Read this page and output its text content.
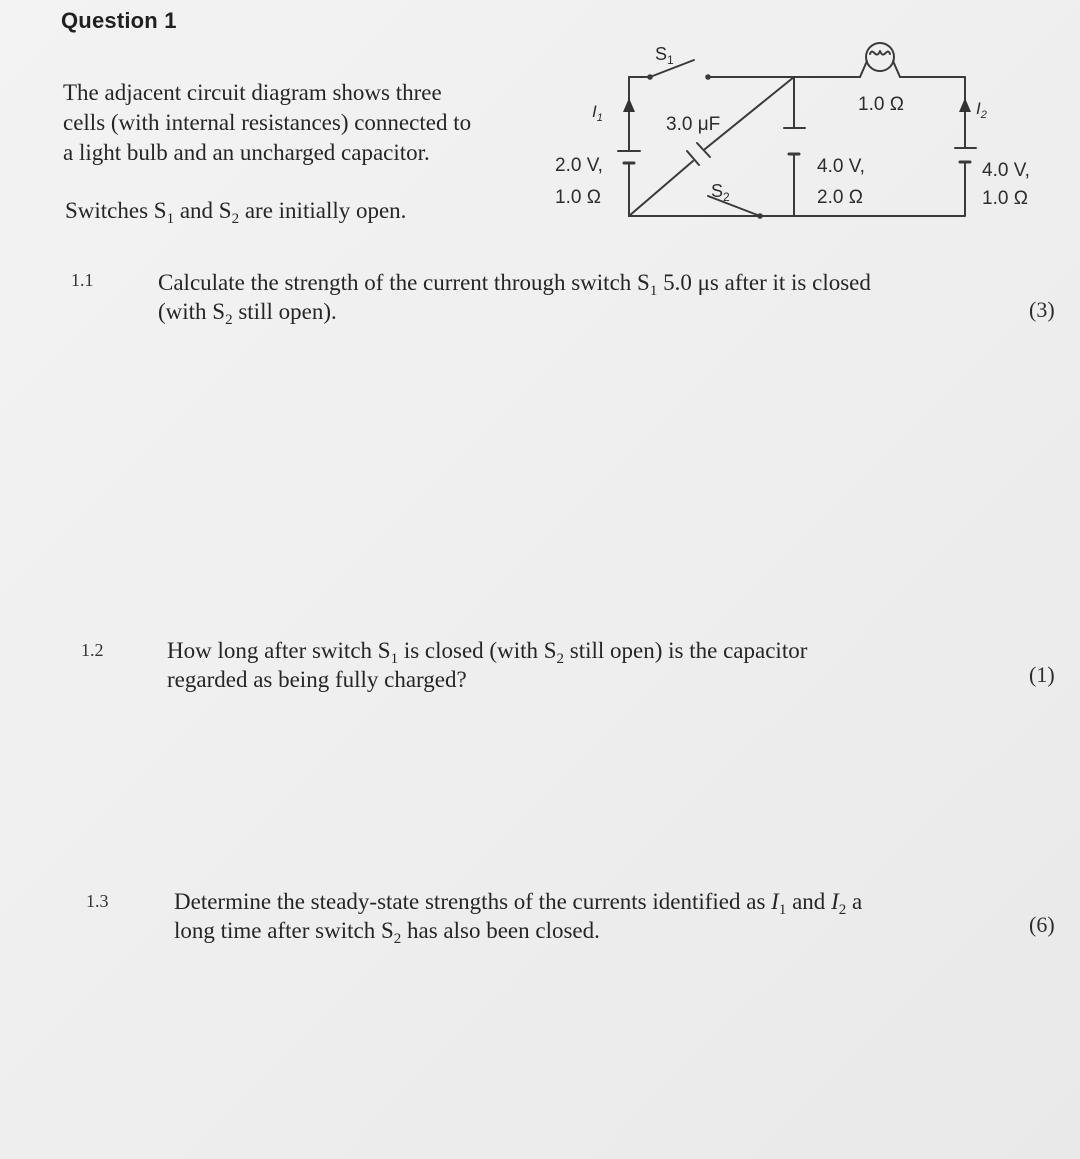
Question 1
The adjacent circuit diagram shows three
cells (with internal resistances) connected to
a light bulb and an uncharged capacitor.
Switches $S_1$ and $S_2$ are initially open.
$S_1$
$S_2$
3.0 μF
1.0 Ω
$I_1$	$I_2$
2.0 V,
1.0 Ω
4.0 V,
2.0 Ω
4.0 V,
1.0 Ω
1.1	Calculate the strength of the current through switch $S_1$ 5.0 μs after it is closed
(with $S_2$ still open).	(3)
1.2	How long after switch $S_1$ is closed (with $S_2$ still open) is the capacitor
regarded as being fully charged?	(1)
1.3	Determine the steady-state strengths of the currents identified as $I_1$ and $I_2$ a
long time after switch $S_2$ has also been closed.	(6)
